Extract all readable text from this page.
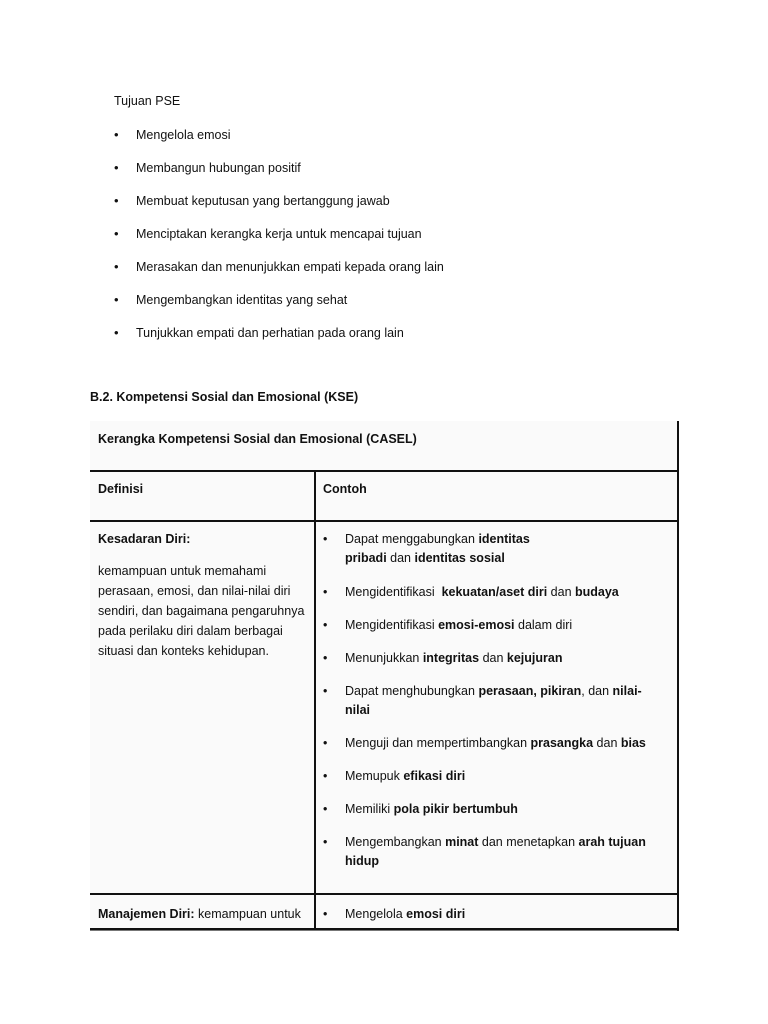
Tujuan PSE
• Mengelola emosi
• Membangun hubungan positif
• Membuat keputusan yang bertanggung jawab
• Menciptakan kerangka kerja untuk mencapai tujuan
• Merasakan dan menunjukkan empati kepada orang lain
• Mengembangkan identitas yang sehat
• Tunjukkan empati dan perhatian pada orang lain
B.2. Kompetensi Sosial dan Emosional (KSE)
Kerangka Kompetensi Sosial dan Emosional (CASEL)
Definisi	Contoh
Kesadaran Diri:
kemampuan untuk memahami perasaan, emosi, dan nilai-nilai diri sendiri, dan bagaimana pengaruhnya pada perilaku diri dalam berbagai situasi dan konteks kehidupan.
• Dapat menggabungkan identitas pribadi dan identitas sosial
• Mengidentifikasi  kekuatan/aset diri dan budaya
• Mengidentifikasi emosi-emosi dalam diri
• Menunjukkan integritas dan kejujuran
• Dapat menghubungkan perasaan, pikiran, dan nilai-nilai
• Menguji dan mempertimbangkan prasangka dan bias
• Memupuk efikasi diri
• Memiliki pola pikir bertumbuh
• Mengembangkan minat dan menetapkan arah tujuan hidup
Manajemen Diri: kemampuan untuk
•	Mengelola emosi diri
